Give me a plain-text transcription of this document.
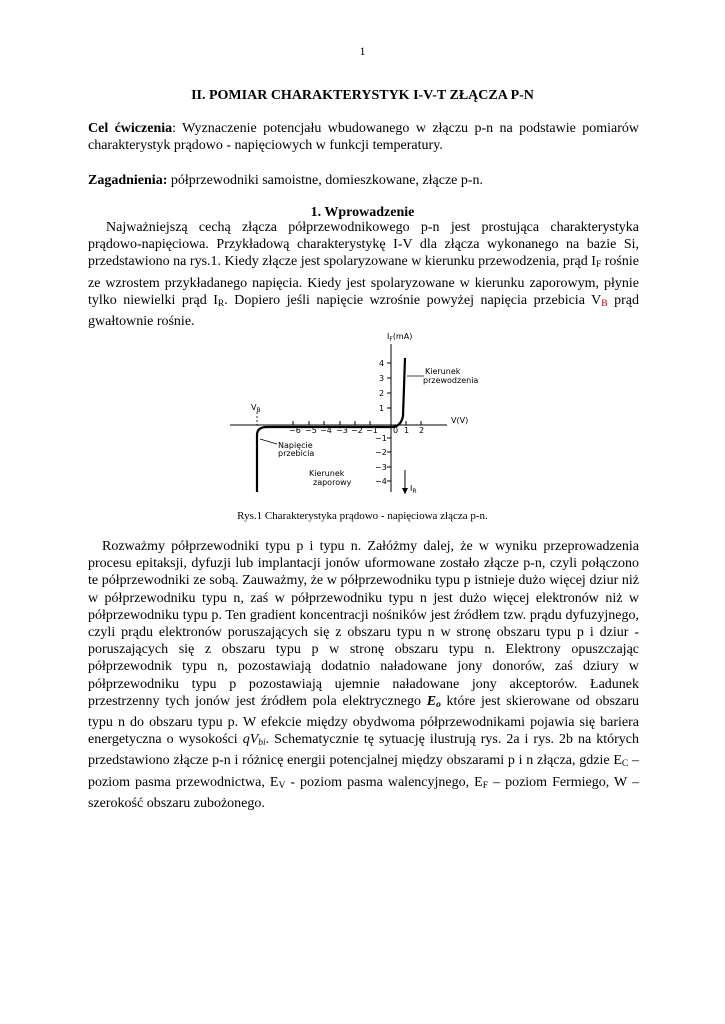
1
II. POMIAR CHARAKTERYSTYK I-V-T ZŁĄCZA P-N

Cel ćwiczenia: Wyznaczenie potencjału wbudowanego w złączu p-n na podstawie pomiarów charakterystyk prądowo - napięciowych w funkcji temperatury.

Zagadnienia: półprzewodniki samoistne, domieszkowane, złącze p-n.

1. Wprowadzenie

Najważniejszą cechą złącza półprzewodnikowego p-n jest prostująca charakterystyka prądowo-napięciowa. Przykładową charakterystykę I-V dla złącza wykonanego na bazie Si, przedstawiono na rys.1. Kiedy złącze jest spolaryzowane w kierunku przewodzenia, prąd $I_F$ rośnie ze wzrostem przykładanego napięcia. Kiedy jest spolaryzowane w kierunku zaporowym, płynie tylko niewielki prąd $I_R$. Dopiero jeśli napięcie wzrośnie powyżej napięcia przebicia $V_B$ prąd gwałtownie rośnie.

$I_F(mA)$
V(V)
$V_B$
$I_R$
Kierunek
przewodzenia
Kierunek
zaporowy
Napięcie
przebicia
−6 −5 −4 −3 −2 −1 0 1 2
1
2
3
4
−1
−2
−3
−4
Rys.1 Charakterystyka prądowo - napięciowa złącza p-n.

Rozważmy półprzewodniki typu p i typu n. Załóżmy dalej, że w wyniku przeprowadzenia procesu epitaksji, dyfuzji lub implantacji jonów uformowane zostało złącze p-n, czyli połączono te półprzewodniki ze sobą. Zauważmy, że w półprzewodniku typu p istnieje dużo więcej dziur niż w półprzewodniku typu n, zaś w półprzewodniku typu n jest dużo więcej elektronów niż w półprzewodniku typu p. Ten gradient koncentracji nośników jest źródłem tzw. prądu dyfuzyjnego, czyli prądu elektronów poruszających się z obszaru typu n w stronę obszaru typu p i dziur - poruszających się z obszaru typu p w stronę obszaru typu n. Elektrony opuszczając półprzewodnik typu n, pozostawiają dodatnio naładowane jony donorów, zaś dziury w półprzewodniku typu p pozostawiają ujemnie naładowane jony akceptorów. Ładunek przestrzenny tych jonów jest źródłem pola elektrycznego $E_o$ które jest skierowane od obszaru typu n do obszaru typu p. W efekcie między obydwoma półprzewodnikami pojawia się bariera energetyczna o wysokości $qV_{bi}$. Schematycznie tę sytuację ilustrują rys. 2a i rys. 2b na których przedstawiono złącze p-n i różnicę energii potencjalnej między obszarami p i n złącza, gdzie $E_C$ – poziom pasma przewodnictwa, $E_V$ - poziom pasma walencyjnego, $E_F$ – poziom Fermiego, W – szerokość obszaru zubożonego.
